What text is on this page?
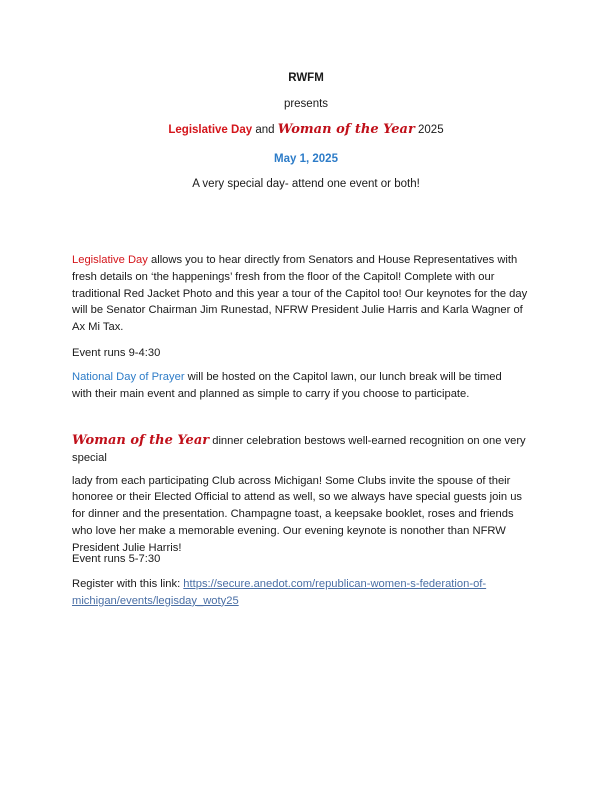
RWFM
presents
Legislative Day and Woman of the Year 2025
May 1, 2025
A very special day- attend one event or both!
Legislative Day allows you to hear directly from Senators and House Representatives with
fresh details on ‘the happenings’ fresh from the floor of the Capitol! Complete with our
traditional Red Jacket Photo and this year a tour of the Capitol too! Our keynotes for the day
will be Senator Chairman Jim Runestad, NFRW President Julie Harris and Karla Wagner of
Ax Mi Tax.
Event runs 9-4:30
National Day of Prayer will be hosted on the Capitol lawn, our lunch break will be timed
with their main event and planned as simple to carry if you choose to participate.
Woman of the Year dinner celebration bestows well-earned recognition on one very special
lady from each participating Club across Michigan! Some Clubs invite the spouse of their
honoree or their Elected Official to attend as well, so we always have special guests join us
for dinner and the presentation. Champagne toast, a keepsake booklet, roses and friends
who love her make a memorable evening. Our evening keynote is nonother than NFRW
President Julie Harris!
Event runs 5-7:30
Register with this link: https://secure.anedot.com/republican-women-s-federation-of-
michigan/events/legisday_woty25
